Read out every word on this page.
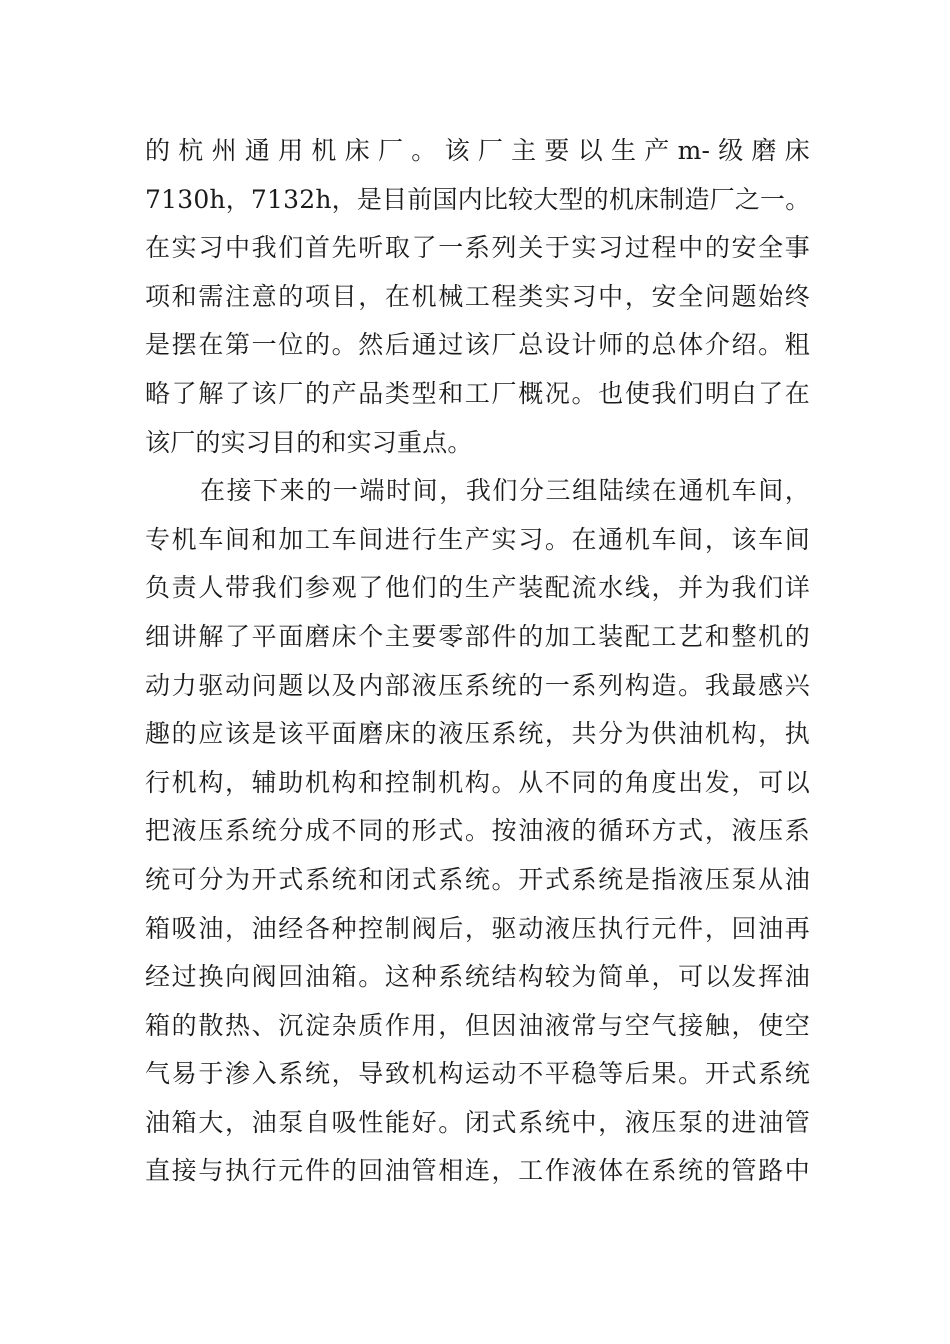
的杭州通用机床厂。该厂主要以生产m-级磨床
7130h，7132h，是目前国内比较大型的机床制造厂之一。
在实习中我们首先听取了一系列关于实习过程中的安全事
项和需注意的项目，在机械工程类实习中，安全问题始终
是摆在第一位的。然后通过该厂总设计师的总体介绍。粗
略了解了该厂的产品类型和工厂概况。也使我们明白了在
该厂的实习目的和实习重点。
在接下来的一端时间，我们分三组陆续在通机车间，
专机车间和加工车间进行生产实习。在通机车间，该车间
负责人带我们参观了他们的生产装配流水线，并为我们详
细讲解了平面磨床个主要零部件的加工装配工艺和整机的
动力驱动问题以及内部液压系统的一系列构造。我最感兴
趣的应该是该平面磨床的液压系统，共分为供油机构，执
行机构，辅助机构和控制机构。从不同的角度出发，可以
把液压系统分成不同的形式。按油液的循环方式，液压系
统可分为开式系统和闭式系统。开式系统是指液压泵从油
箱吸油，油经各种控制阀后，驱动液压执行元件，回油再
经过换向阀回油箱。这种系统结构较为简单，可以发挥油
箱的散热、沉淀杂质作用，但因油液常与空气接触，使空
气易于渗入系统，导致机构运动不平稳等后果。开式系统
油箱大，油泵自吸性能好。闭式系统中，液压泵的进油管
直接与执行元件的回油管相连，工作液体在系统的管路中
